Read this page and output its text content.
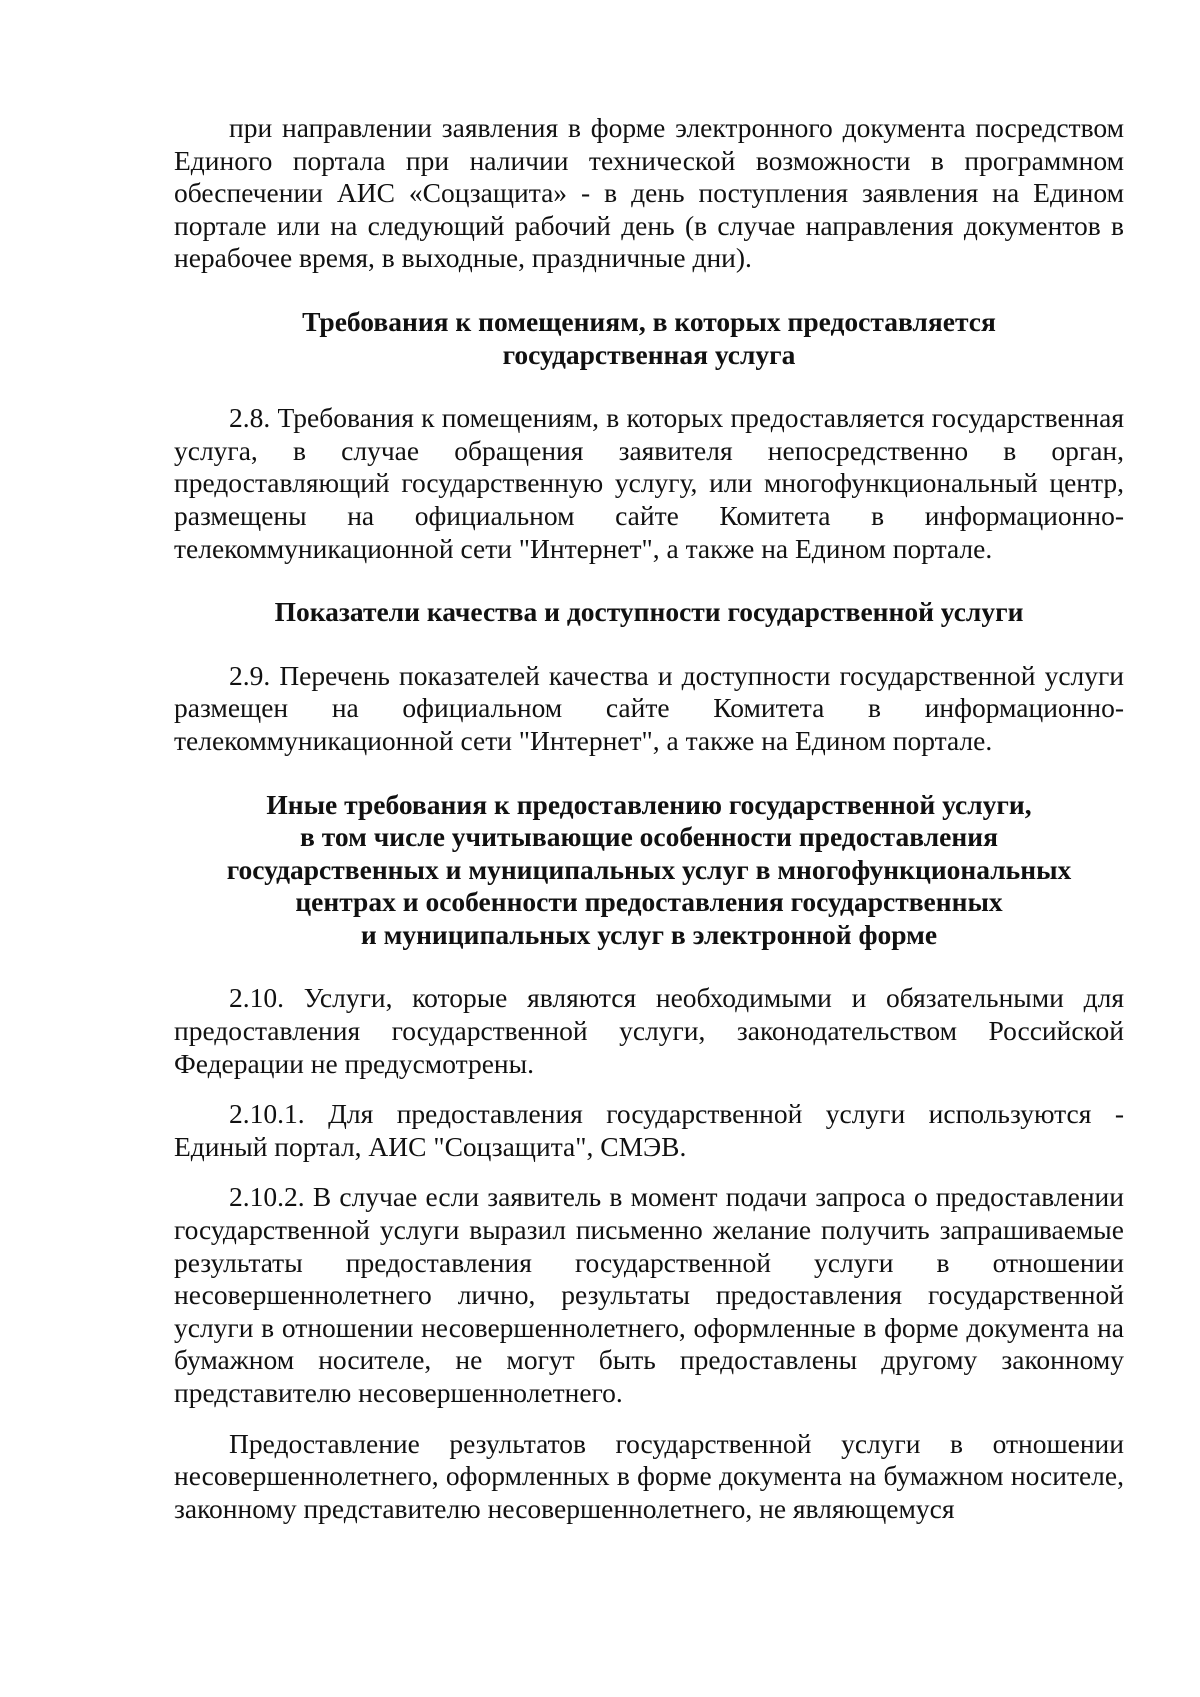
при направлении заявления в форме электронного документа посредством Единого портала при наличии технической возможности в программном обеспечении АИС «Соцзащита» - в день поступления заявления на Едином портале или на следующий рабочий день (в случае направления документов в нерабочее время, в выходные, праздничные дни).

Требования к помещениям, в которых предоставляется
государственная услуга

2.8. Требования к помещениям, в которых предоставляется государственная услуга, в случае обращения заявителя непосредственно в орган, предоставляющий государственную услугу, или многофункциональный центр, размещены на официальном сайте Комитета в информационно-телекоммуникационной сети "Интернет", а также на Едином портале.

Показатели качества и доступности государственной услуги

2.9. Перечень показателей качества и доступности государственной услуги размещен на официальном сайте Комитета в информационно-телекоммуникационной сети "Интернет", а также на Едином портале.

Иные требования к предоставлению государственной услуги,
в том числе учитывающие особенности предоставления
государственных и муниципальных услуг в многофункциональных
центрах и особенности предоставления государственных
и муниципальных услуг в электронной форме

2.10. Услуги, которые являются необходимыми и обязательными для предоставления государственной услуги, законодательством Российской Федерации не предусмотрены.

2.10.1. Для предоставления государственной услуги используются - Единый портал, АИС "Соцзащита", СМЭВ.

2.10.2. В случае если заявитель в момент подачи запроса о предоставлении государственной услуги выразил письменно желание получить запрашиваемые результаты предоставления государственной услуги в отношении несовершеннолетнего лично, результаты предоставления государственной услуги в отношении несовершеннолетнего, оформленные в форме документа на бумажном носителе, не могут быть предоставлены другому законному представителю несовершеннолетнего.

Предоставление результатов государственной услуги в отношении несовершеннолетнего, оформленных в форме документа на бумажном носителе, законному представителю несовершеннолетнего, не являющемуся
